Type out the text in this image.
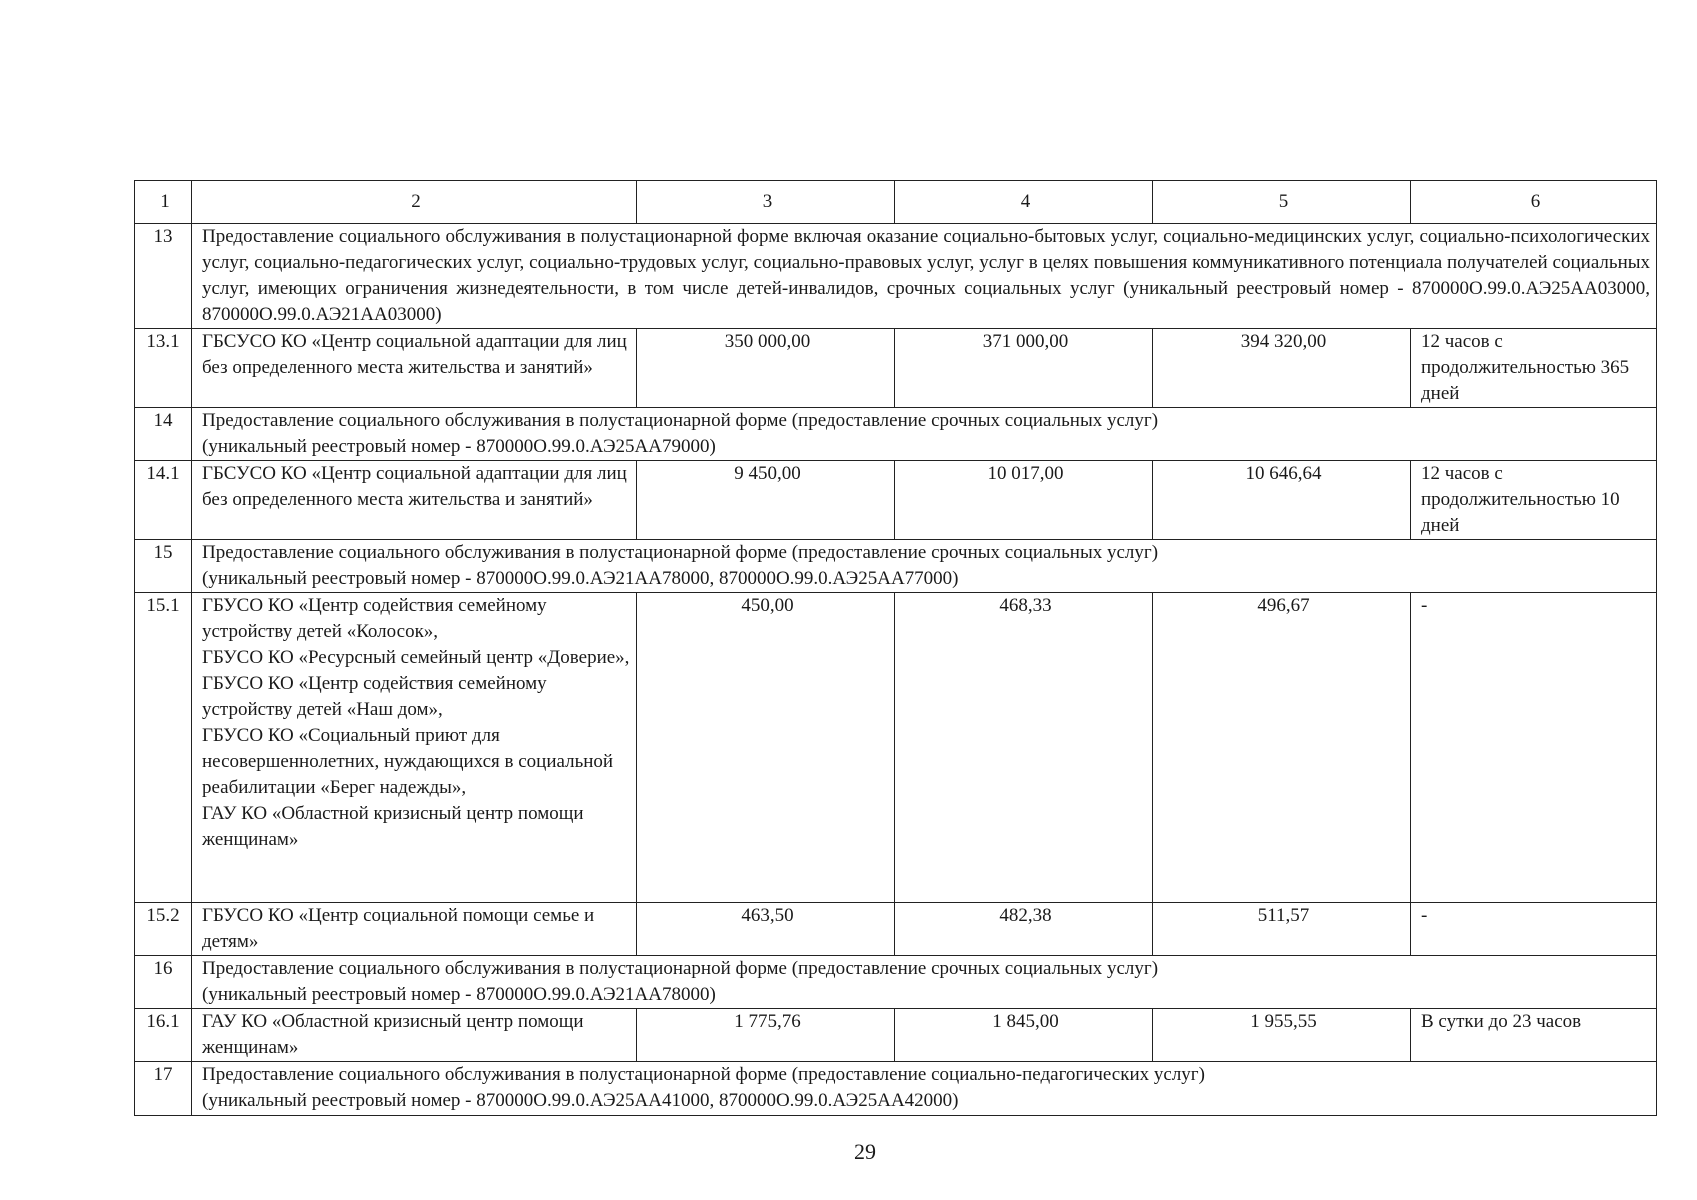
1	2	3	4	5	6
13	Предоставление социального обслуживания в полустационарной форме включая оказание социально-бытовых услуг, социально-медицинских услуг, социально-психологических услуг, социально-педагогических услуг, социально-трудовых услуг, социально-правовых услуг, услуг в целях повышения коммуникативного потенциала получателей социальных услуг, имеющих ограничения жизнедеятельности, в том числе детей-инвалидов, срочных социальных услуг (уникальный реестровый номер - 870000О.99.0.АЭ25АА03000, 870000О.99.0.АЭ21АА03000)				
13.1	ГБСУСО КО «Центр социальной адаптации для лиц без определенного места жительства и занятий»	350 000,00	371 000,00	394 320,00	12 часов с продолжительностью 365 дней
14	Предоставление социального обслуживания в полустационарной форме (предоставление срочных социальных услуг)
(уникальный реестровый номер - 870000О.99.0.АЭ25АА79000)				

14.1	ГБСУСО КО «Центр социальной адаптации для лиц без определенного места жительства и занятий»	9 450,00	10 017,00	10 646,64	12 часов с продолжительностью 10 дней
15	Предоставление социального обслуживания в полустационарной форме (предоставление срочных социальных услуг)
(уникальный реестровый номер - 870000О.99.0.АЭ21АА78000, 870000О.99.0.АЭ25АА77000)				

15.1	ГБУСО КО «Центр содействия семейному устройству детей «Колосок»,
ГБУСО КО «Ресурсный семейный центр «Доверие»,
ГБУСО КО «Центр содействия семейному устройству детей «Наш дом»,
ГБУСО КО «Социальный приют для несовершеннолетних, нуждающихся в социальной реабилитации «Берег надежды»,
ГАУ КО «Областной кризисный центр помощи женщинам»	450,00	468,33	496,67	-
15.2	ГБУСО КО «Центр социальной помощи семье и детям»	463,50	482,38	511,57	-
16	Предоставление социального обслуживания в полустационарной форме (предоставление срочных социальных услуг)
(уникальный реестровый номер - 870000О.99.0.АЭ21АА78000)				

16.1	ГАУ КО «Областной кризисный центр помощи женщинам»	1 775,76	1 845,00	1 955,55	В сутки до 23 часов
17	Предоставление социального обслуживания в полустационарной форме (предоставление социально-педагогических услуг)
(уникальный реестровый номер - 870000О.99.0.АЭ25АА41000, 870000О.99.0.АЭ25АА42000)				
29
